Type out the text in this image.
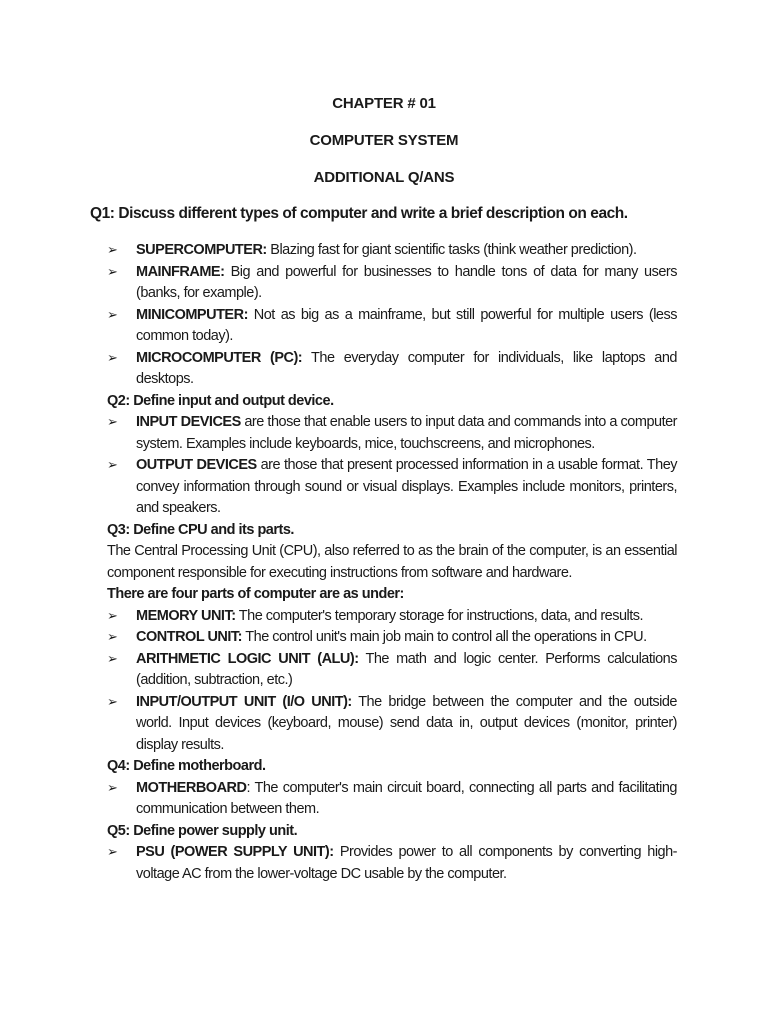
CHAPTER # 01
COMPUTER SYSTEM
ADDITIONAL Q/ANS
Q1: Discuss different types of computer and write a brief description on each.

➢	SUPERCOMPUTER: Blazing fast for giant scientific tasks (think weather prediction).

➢	MAINFRAME: Big and powerful for businesses to handle tons of data for many users (banks, for example).

➢	MINICOMPUTER: Not as big as a mainframe, but still powerful for multiple users (less common today).

➢	MICROCOMPUTER (PC): The everyday computer for individuals, like laptops and desktops.

Q2: Define input and output device.

➢	INPUT DEVICES are those that enable users to input data and commands into a computer system. Examples include keyboards, mice, touchscreens, and microphones.

➢	OUTPUT DEVICES are those that present processed information in a usable format. They convey information through sound or visual displays. Examples include monitors, printers, and speakers.

Q3: Define CPU and its parts.

The Central Processing Unit (CPU), also referred to as the brain of the computer, is an essential component responsible for executing instructions from software and hardware.

There are four parts of computer are as under:

➢	MEMORY UNIT: The computer's temporary storage for instructions, data, and results.

➢	CONTROL UNIT: The control unit's main job main to control all the operations in CPU.

➢	ARITHMETIC LOGIC UNIT (ALU): The math and logic center. Performs calculations (addition, subtraction, etc.)

➢	INPUT/OUTPUT UNIT (I/O UNIT): The bridge between the computer and the outside world. Input devices (keyboard, mouse) send data in, output devices (monitor, printer) display results.

Q4: Define motherboard.

➢	MOTHERBOARD: The computer's main circuit board, connecting all parts and facilitating communication between them.

Q5: Define power supply unit.

➢	PSU (POWER SUPPLY UNIT): Provides power to all components by converting high-voltage AC from the lower-voltage DC usable by the computer.
